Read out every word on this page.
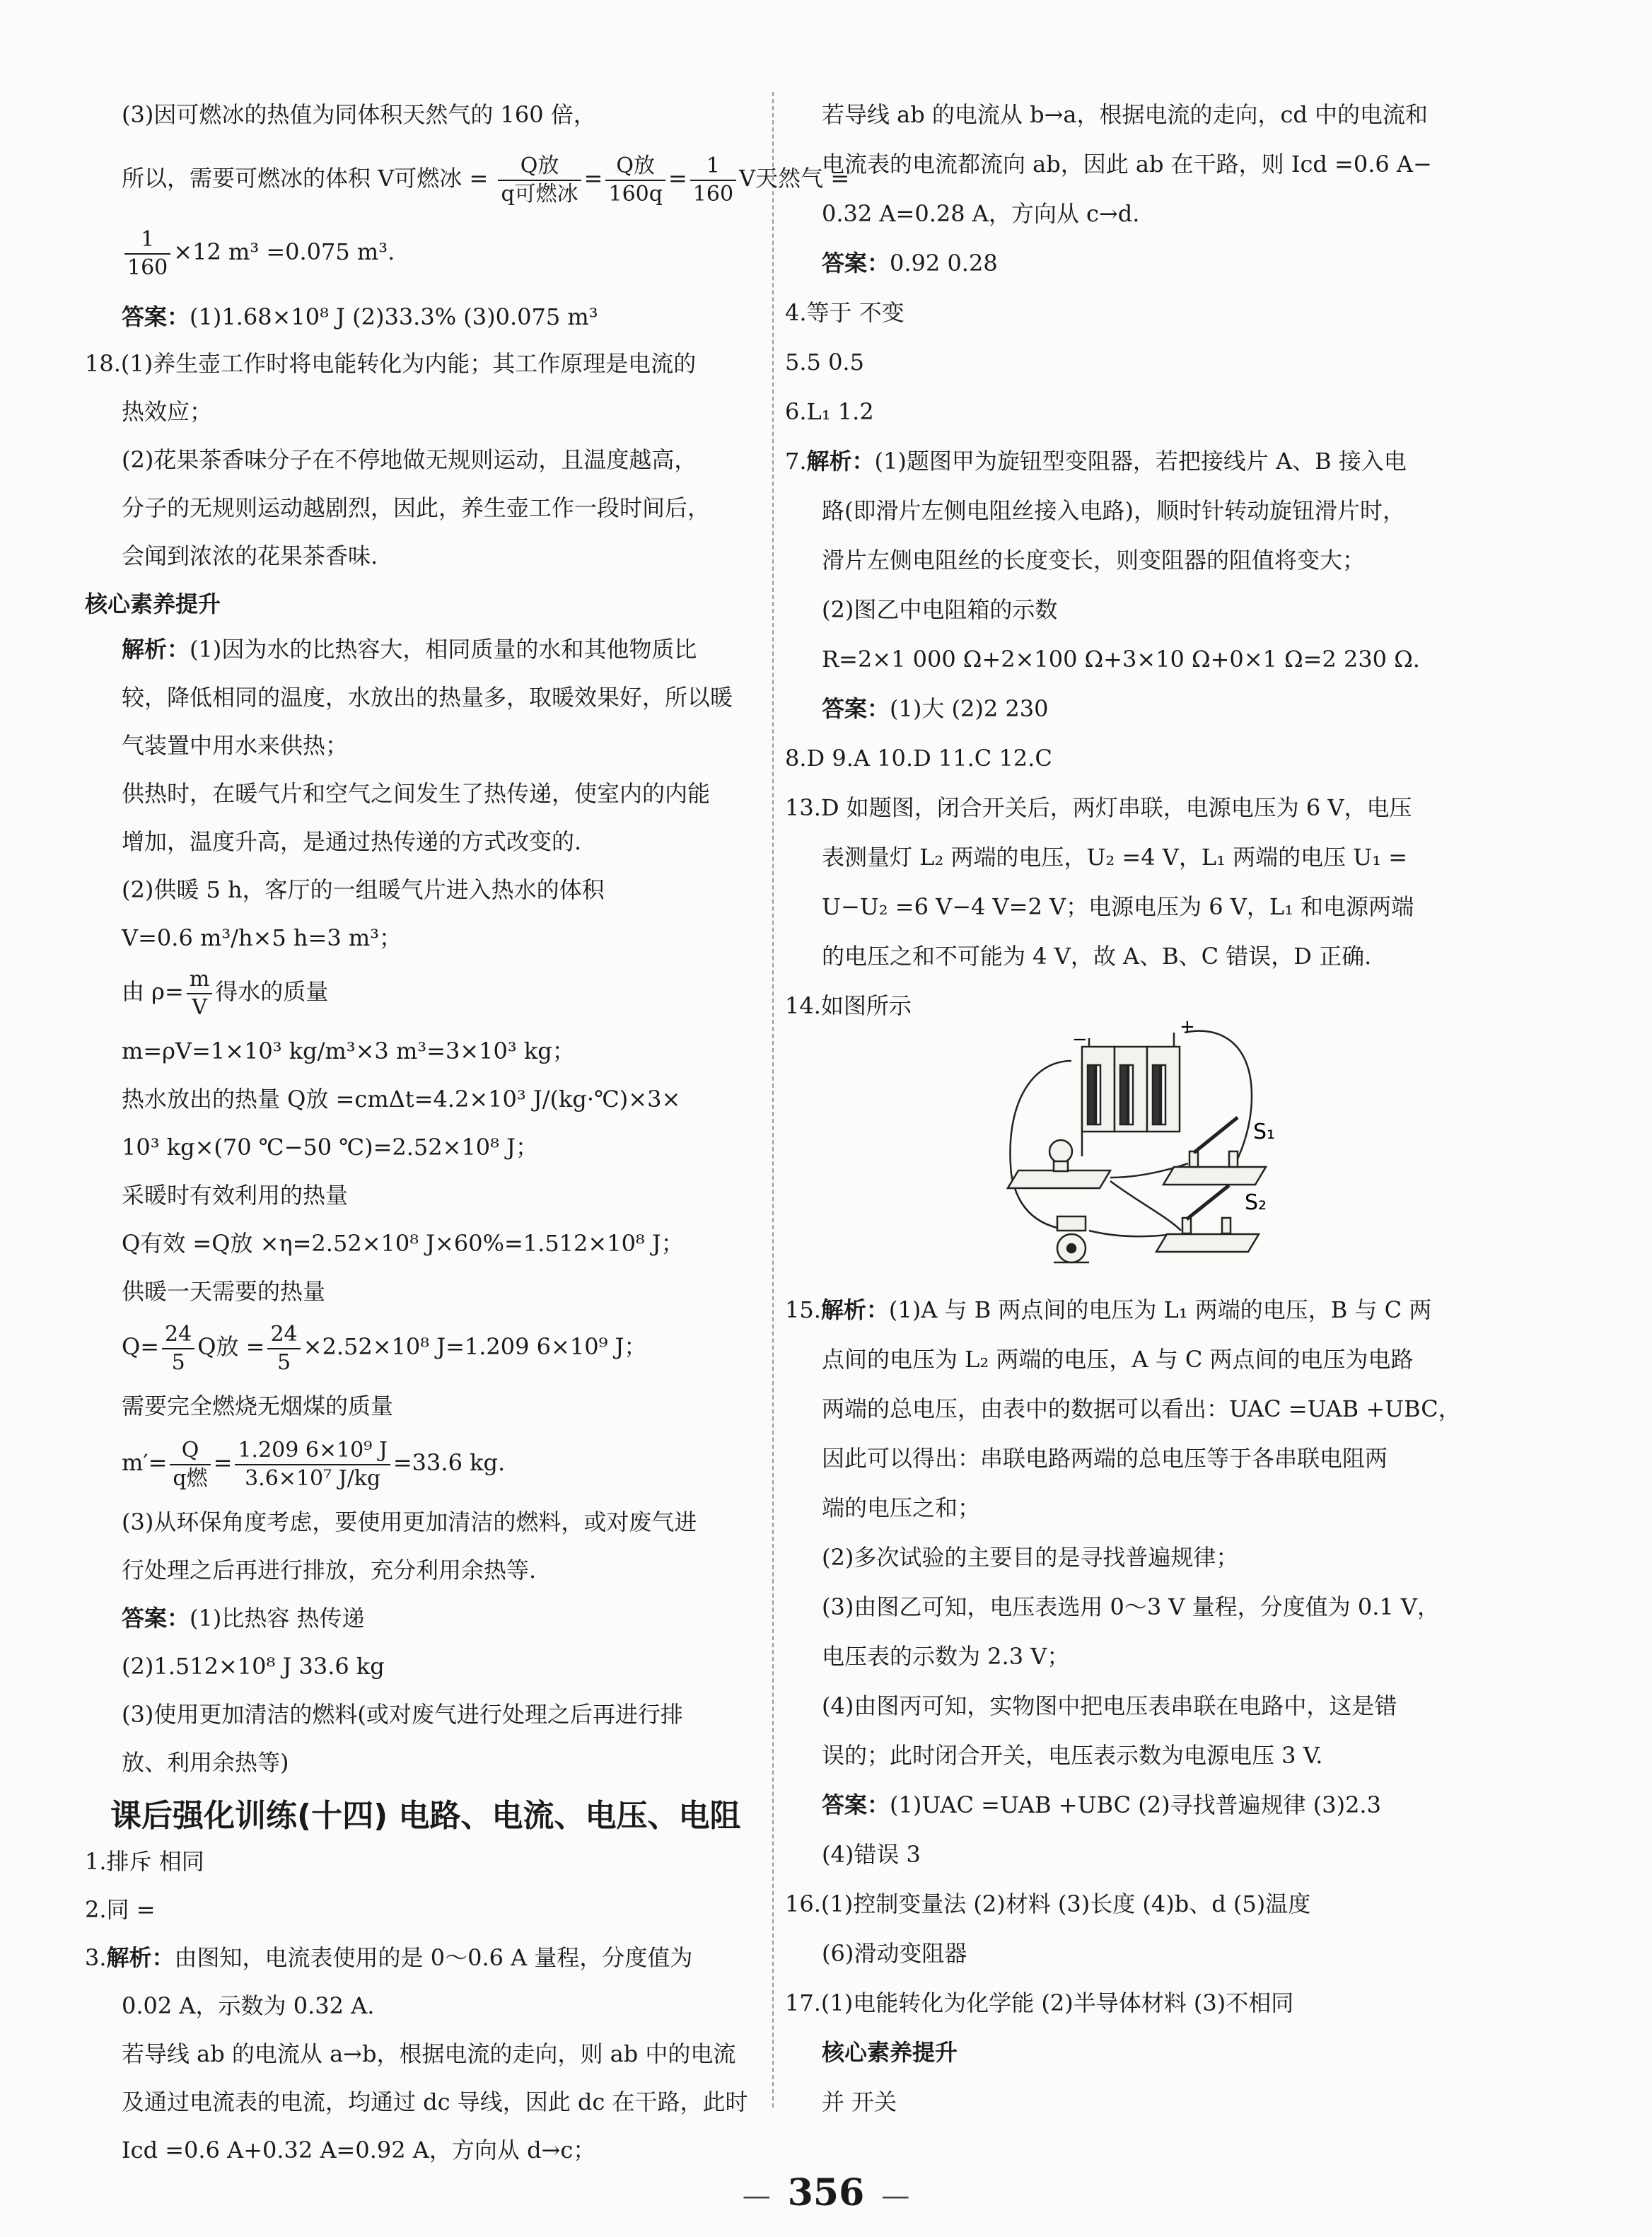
(3)因可燃冰的热值为同体积天然气的 160 倍，
所以，需要可燃冰的体积 V可燃冰 = $\frac{\text{Q放}}{\text{q可燃冰}} = \frac{\text{Q放}}{160q} = \frac{1}{160}$ V天然气 =
$\frac{1}{160} \times 12$ m³ =0.075 m³.
答案：(1)1.68×10⁸ J (2)33.3% (3)0.075 m³
18.(1)养生壶工作时将电能转化为内能；其工作原理是电流的
热效应；
(2)花果茶香味分子在不停地做无规则运动，且温度越高，
分子的无规则运动越剧烈，因此，养生壶工作一段时间后，
会闻到浓浓的花果茶香味.
核心素养提升
解析：(1)因为水的比热容大，相同质量的水和其他物质比
较，降低相同的温度，水放出的热量多，取暖效果好，所以暖
气装置中用水来供热；
供热时，在暖气片和空气之间发生了热传递，使室内的内能
增加，温度升高，是通过热传递的方式改变的.
(2)供暖 5 h，客厅的一组暖气片进入热水的体积
V=0.6 m³/h×5 h=3 m³；
由 $\rho= \frac{m}{V}$ 得水的质量
m=ρV=1×10³ kg/m³×3 m³=3×10³ kg；
热水放出的热量 Q放 =cmΔt=4.2×10³ J/(kg·℃)×3×
10³ kg×(70 ℃−50 ℃)=2.52×10⁸ J；
采暖时有效利用的热量
Q有效 =Q放 ×η=2.52×10⁸ J×60%=1.512×10⁸ J；
供暖一天需要的热量
$Q= \frac{24}{5}$ Q放 = $\frac{24}{5} \times 2.52\times 10^8$ J=1.209 6×10⁹ J；
需要完全燃烧无烟煤的质量
$m'= \frac{Q}{\text{q燃}} = \frac{\text{1.209 6×10⁹ J}}{\text{3.6×10⁷ J/kg}} =33.6$ kg.
(3)从环保角度考虑，要使用更加清洁的燃料，或对废气进
行处理之后再进行排放，充分利用余热等.
答案：(1)比热容 热传递
(2)1.512×10⁸ J 33.6 kg
(3)使用更加清洁的燃料(或对废气进行处理之后再进行排
放、利用余热等)
课后强化训练(十四) 电路、电流、电压、电阻
1.排斥 相同
2.同 =
3.解析：由图知，电流表使用的是 0～0.6 A 量程，分度值为
0.02 A，示数为 0.32 A.
若导线 ab 的电流从 a→b，根据电流的走向，则 ab 中的电流
及通过电流表的电流，均通过 dc 导线，因此 dc 在干路，此时
Icd =0.6 A+0.32 A=0.92 A，方向从 d→c；
若导线 ab 的电流从 b→a，根据电流的走向，cd 中的电流和
电流表的电流都流向 ab，因此 ab 在干路，则 Icd =0.6 A−
0.32 A=0.28 A，方向从 c→d.
答案：0.92 0.28
4.等于 不变
5.5 0.5
6.L₁ 1.2
7.解析：(1)题图甲为旋钮型变阻器，若把接线片 A、B 接入电
路(即滑片左侧电阻丝接入电路)，顺时针转动旋钮滑片时，
滑片左侧电阻丝的长度变长，则变阻器的阻值将变大；
(2)图乙中电阻箱的示数
R=2×1 000 Ω+2×100 Ω+3×10 Ω+0×1 Ω=2 230 Ω.
答案：(1)大 (2)2 230
8.D 9.A 10.D 11.C 12.C
13.D 如题图，闭合开关后，两灯串联，电源电压为 6 V，电压
表测量灯 L₂ 两端的电压，U₂ =4 V，L₁ 两端的电压 U₁ =
U−U₂ =6 V−4 V=2 V；电源电压为 6 V，L₁ 和电源两端
的电压之和不可能为 4 V，故 A、B、C 错误，D 正确.
14.如图所示
15.解析：(1)A 与 B 两点间的电压为 L₁ 两端的电压，B 与 C 两
点间的电压为 L₂ 两端的电压，A 与 C 两点间的电压为电路
两端的总电压，由表中的数据可以看出：UAC =UAB +UBC，
因此可以得出：串联电路两端的总电压等于各串联电阻两
端的电压之和；
(2)多次试验的主要目的是寻找普遍规律；
(3)由图乙可知，电压表选用 0～3 V 量程，分度值为 0.1 V，
电压表的示数为 2.3 V；
(4)由图丙可知，实物图中把电压表串联在电路中，这是错
误的；此时闭合开关，电压表示数为电源电压 3 V.
答案：(1)UAC =UAB +UBC (2)寻找普遍规律 (3)2.3
(4)错误 3
16.(1)控制变量法 (2)材料 (3)长度 (4)b、d (5)温度
(6)滑动变阻器
17.(1)电能转化为化学能 (2)半导体材料 (3)不相同
核心素养提升
并 开关
−
+
S₁
S₂
— 356 —
